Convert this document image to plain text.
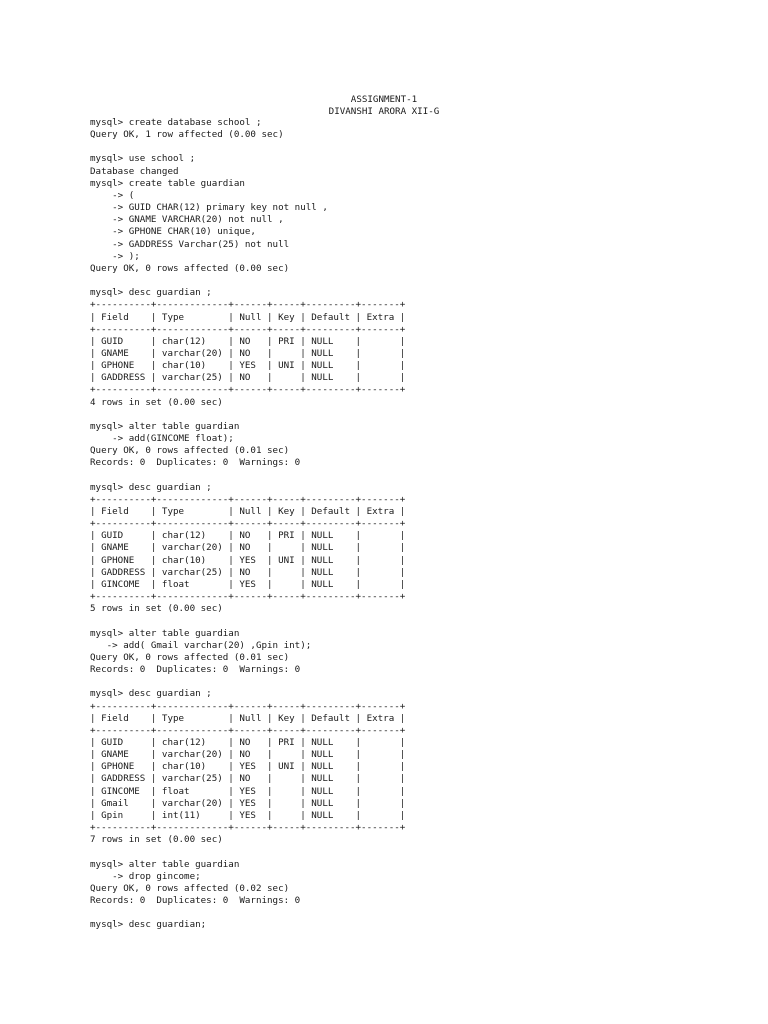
ASSIGNMENT-1
DIVANSHI ARORA XII-G
mysql> create database school ;
Query OK, 1 row affected (0.00 sec)
mysql> use school ;
Database changed
mysql> create table guardian
-> (
-> GUID CHAR(12) primary key not null ,
-> GNAME VARCHAR(20) not null ,
-> GPHONE CHAR(10) unique,
-> GADDRESS Varchar(25) not null
-> );
Query OK, 0 rows affected (0.00 sec)
mysql> desc guardian ;
+----------+-------------+------+-----+---------+-------+
| Field    | Type        | Null | Key | Default | Extra |
+----------+-------------+------+-----+---------+-------+
| GUID     | char(12)    | NO   | PRI | NULL    |       |
| GNAME    | varchar(20) | NO   |     | NULL    |       |
| GPHONE   | char(10)    | YES  | UNI | NULL    |       |
| GADDRESS | varchar(25) | NO   |     | NULL    |       |
+----------+-------------+------+-----+---------+-------+
4 rows in set (0.00 sec)
mysql> alter table guardian
-> add(GINCOME float);
Query OK, 0 rows affected (0.01 sec)
Records: 0  Duplicates: 0  Warnings: 0
mysql> desc guardian ;
+----------+-------------+------+-----+---------+-------+
| Field    | Type        | Null | Key | Default | Extra |
+----------+-------------+------+-----+---------+-------+
| GUID     | char(12)    | NO   | PRI | NULL    |       |
| GNAME    | varchar(20) | NO   |     | NULL    |       |
| GPHONE   | char(10)    | YES  | UNI | NULL    |       |
| GADDRESS | varchar(25) | NO   |     | NULL    |       |
| GINCOME  | float       | YES  |     | NULL    |       |
+----------+-------------+------+-----+---------+-------+
5 rows in set (0.00 sec)
mysql> alter table guardian
-> add( Gmail varchar(20) ,Gpin int);
Query OK, 0 rows affected (0.01 sec)
Records: 0  Duplicates: 0  Warnings: 0
mysql> desc guardian ;
+----------+-------------+------+-----+---------+-------+
| Field    | Type        | Null | Key | Default | Extra |
+----------+-------------+------+-----+---------+-------+
| GUID     | char(12)    | NO   | PRI | NULL    |       |
| GNAME    | varchar(20) | NO   |     | NULL    |       |
| GPHONE   | char(10)    | YES  | UNI | NULL    |       |
| GADDRESS | varchar(25) | NO   |     | NULL    |       |
| GINCOME  | float       | YES  |     | NULL    |       |
| Gmail    | varchar(20) | YES  |     | NULL    |       |
| Gpin     | int(11)     | YES  |     | NULL    |       |
+----------+-------------+------+-----+---------+-------+
7 rows in set (0.00 sec)
mysql> alter table guardian
-> drop gincome;
Query OK, 0 rows affected (0.02 sec)
Records: 0  Duplicates: 0  Warnings: 0
mysql> desc guardian;
